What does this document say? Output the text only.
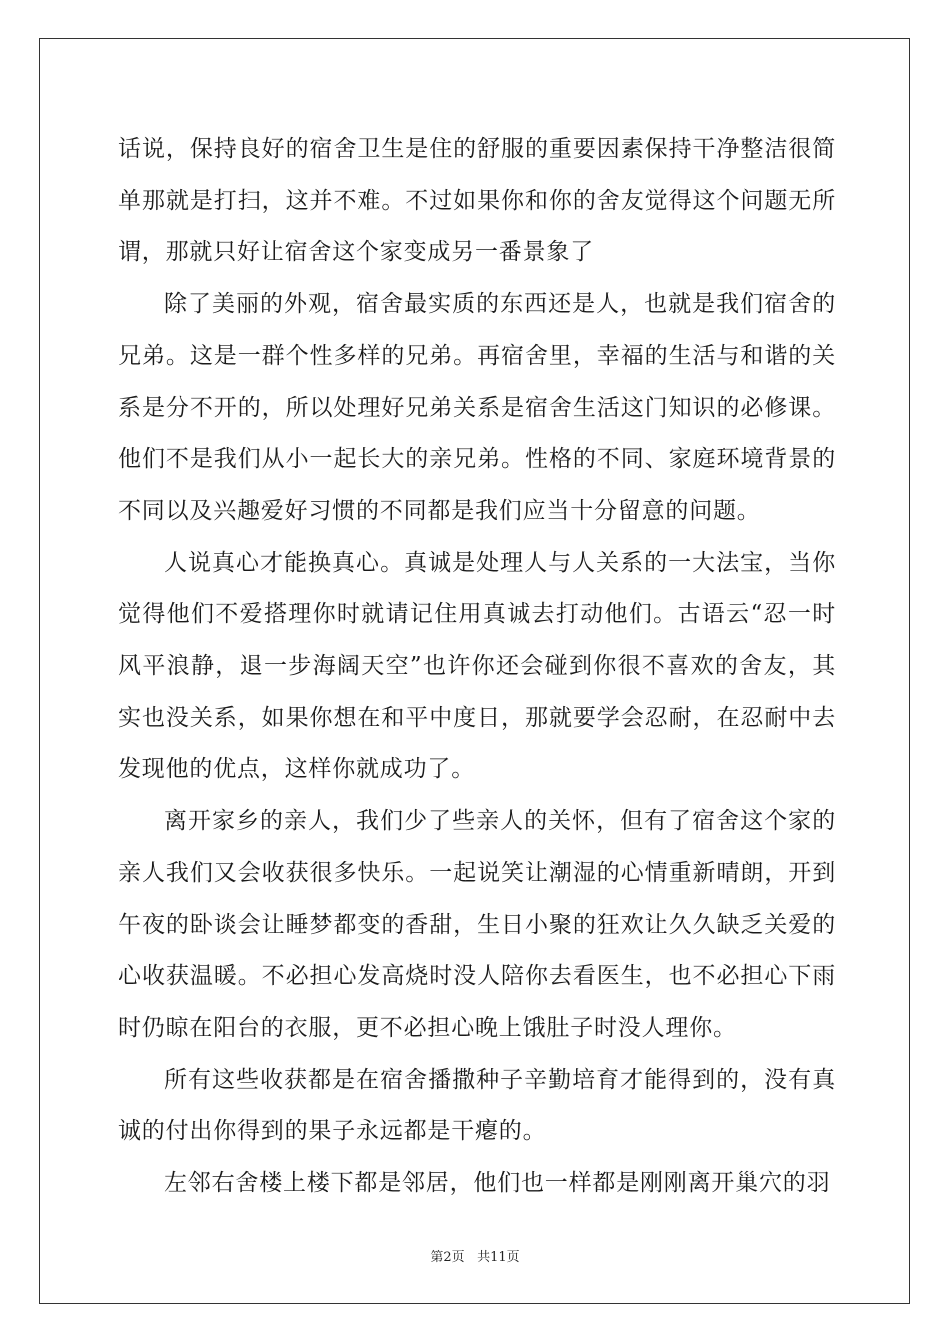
话说，保持良好的宿舍卫生是住的舒服的重要因素保持干净整洁很简单那就是打扫，这并不难。不过如果你和你的舍友觉得这个问题无所谓，那就只好让宿舍这个家变成另一番景象了

除了美丽的外观，宿舍最实质的东西还是人，也就是我们宿舍的兄弟。这是一群个性多样的兄弟。再宿舍里，幸福的生活与和谐的关系是分不开的，所以处理好兄弟关系是宿舍生活这门知识的必修课。他们不是我们从小一起长大的亲兄弟。性格的不同、家庭环境背景的不同以及兴趣爱好习惯的不同都是我们应当十分留意的问题。

人说真心才能换真心。真诚是处理人与人关系的一大法宝，当你觉得他们不爱搭理你时就请记住用真诚去打动他们。古语云“忍一时风平浪静，退一步海阔天空”也许你还会碰到你很不喜欢的舍友，其实也没关系，如果你想在和平中度日，那就要学会忍耐，在忍耐中去发现他的优点，这样你就成功了。

离开家乡的亲人，我们少了些亲人的关怀，但有了宿舍这个家的亲人我们又会收获很多快乐。一起说笑让潮湿的心情重新晴朗，开到午夜的卧谈会让睡梦都变的香甜，生日小聚的狂欢让久久缺乏关爱的心收获温暖。不必担心发高烧时没人陪你去看医生，也不必担心下雨时仍晾在阳台的衣服，更不必担心晚上饿肚子时没人理你。

所有这些收获都是在宿舍播撒种子辛勤培育才能得到的，没有真诚的付出你得到的果子永远都是干瘪的。

左邻右舍楼上楼下都是邻居，他们也一样都是刚刚离开巢穴的羽

第2页 共11页
